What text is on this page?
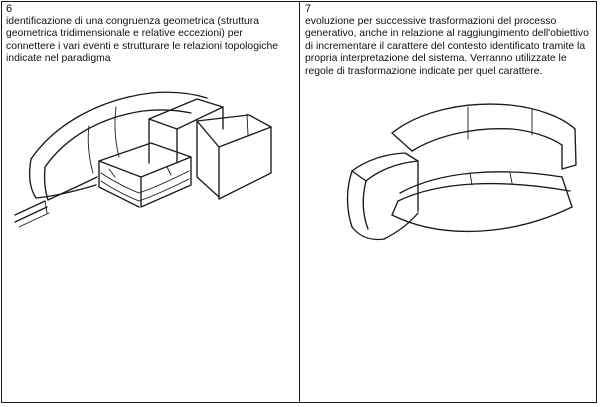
6
identificazione di una congruenza geometrica (struttura geometrica tridimensionale e relative eccezioni) per connettere i vari eventi e strutturare le relazioni topologiche indicate nel paradigma
7
evoluzione per successive trasformazioni del processo generativo, anche in relazione al raggiungimento dell'obiettivo di incrementare il carattere del contesto identificato tramite la propria interpretazione del sistema. Verranno utilizzate le regole di trasformazione indicate per quel carattere.
